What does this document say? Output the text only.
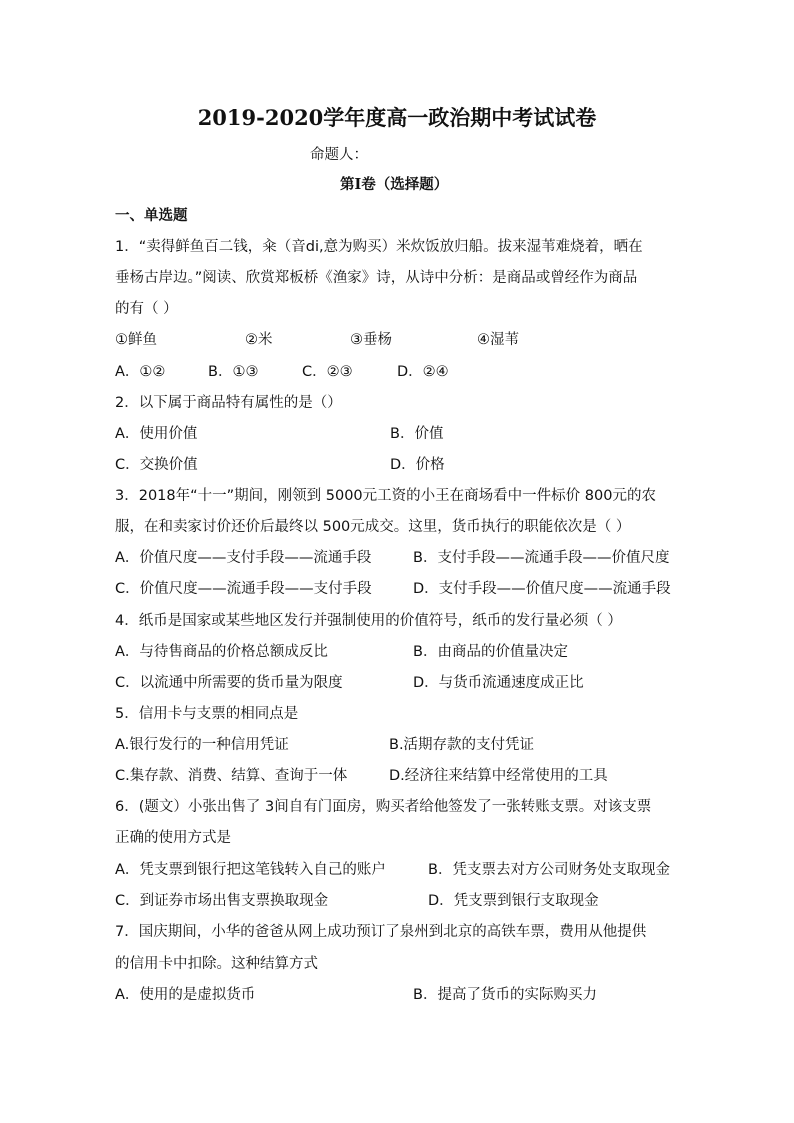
2019-2020学年度高一政治期中考试试卷
命题人：
第Ⅰ卷（选择题）
一、单选题
1．“卖得鲜鱼百二钱，籴（音di,意为购买）米炊饭放归船。拔来湿苇难烧着，晒在
垂杨古岸边。”阅读、欣赏郑板桥《渔家》诗，从诗中分析：是商品或曾经作为商品
的有（ ）
①鲜鱼	②米	③垂杨	④湿苇
A．①②	B．①③	C．②③	D．②④
2．以下属于商品特有属性的是（）
A．使用价值	B．价值
C．交换价值	D．价格
3．2018年“十一”期间，刚领到 5000元工资的小王在商场看中一件标价 800元的农
服，在和卖家讨价还价后最终以 500元成交。这里，货币执行的职能依次是（ ）
A．价值尺度——支付手段——流通手段	B．支付手段——流通手段——价值尺度
C．价值尺度——流通手段——支付手段	D．支付手段——价值尺度——流通手段
4．纸币是国家或某些地区发行并强制使用的价值符号，纸币的发行量必须（ ）
A．与待售商品的价格总额成反比	B．由商品的价值量决定
C．以流通中所需要的货币量为限度	D．与货币流通速度成正比
5．信用卡与支票的相同点是
A.银行发行的一种信用凭证	B.活期存款的支付凭证
C.集存款、消费、结算、查询于一体	D.经济往来结算中经常使用的工具
6．(题文）小张出售了 3间自有门面房，购买者给他签发了一张转账支票。对该支票
正确的使用方式是
A．凭支票到银行把这笔钱转入自己的账户	B．凭支票去对方公司财务处支取现金
C．到证券市场出售支票换取现金	D．凭支票到银行支取现金
7．国庆期间，小华的爸爸从网上成功预订了泉州到北京的高铁车票，费用从他提供
的信用卡中扣除。这种结算方式
A．使用的是虚拟货币	B．提高了货币的实际购买力
